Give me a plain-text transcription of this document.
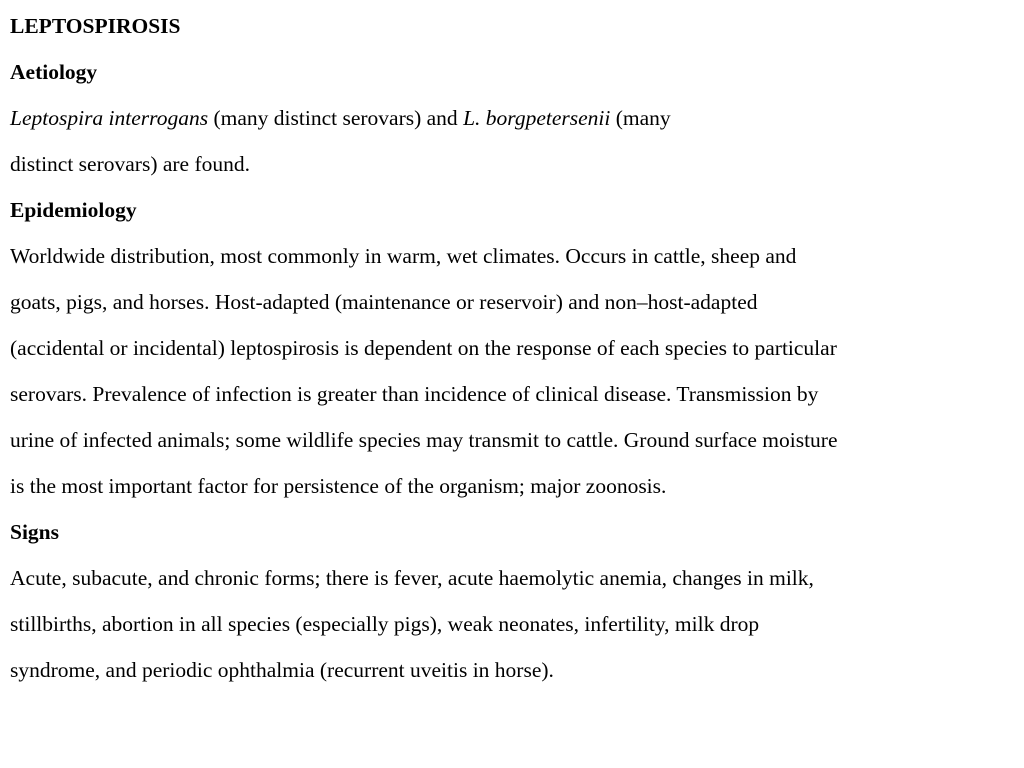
LEPTOSPIROSIS
Aetiology
Leptospira interrogans (many distinct serovars) and L. borgpetersenii (many
distinct serovars) are found.
Epidemiology
Worldwide distribution, most commonly in warm, wet climates. Occurs in cattle, sheep and
goats, pigs, and horses. Host-adapted (maintenance or reservoir) and non–host-adapted
(accidental or incidental) leptospirosis is dependent on the response of each species to particular
serovars. Prevalence of infection is greater than incidence of clinical disease. Transmission by
urine of infected animals; some wildlife species may transmit to cattle. Ground surface moisture
is the most important factor for persistence of the organism; major zoonosis.
Signs
Acute, subacute, and chronic forms; there is fever, acute haemolytic anemia, changes in milk,
stillbirths, abortion in all species (especially pigs), weak neonates, infertility, milk drop
syndrome, and periodic ophthalmia (recurrent uveitis in horse).
